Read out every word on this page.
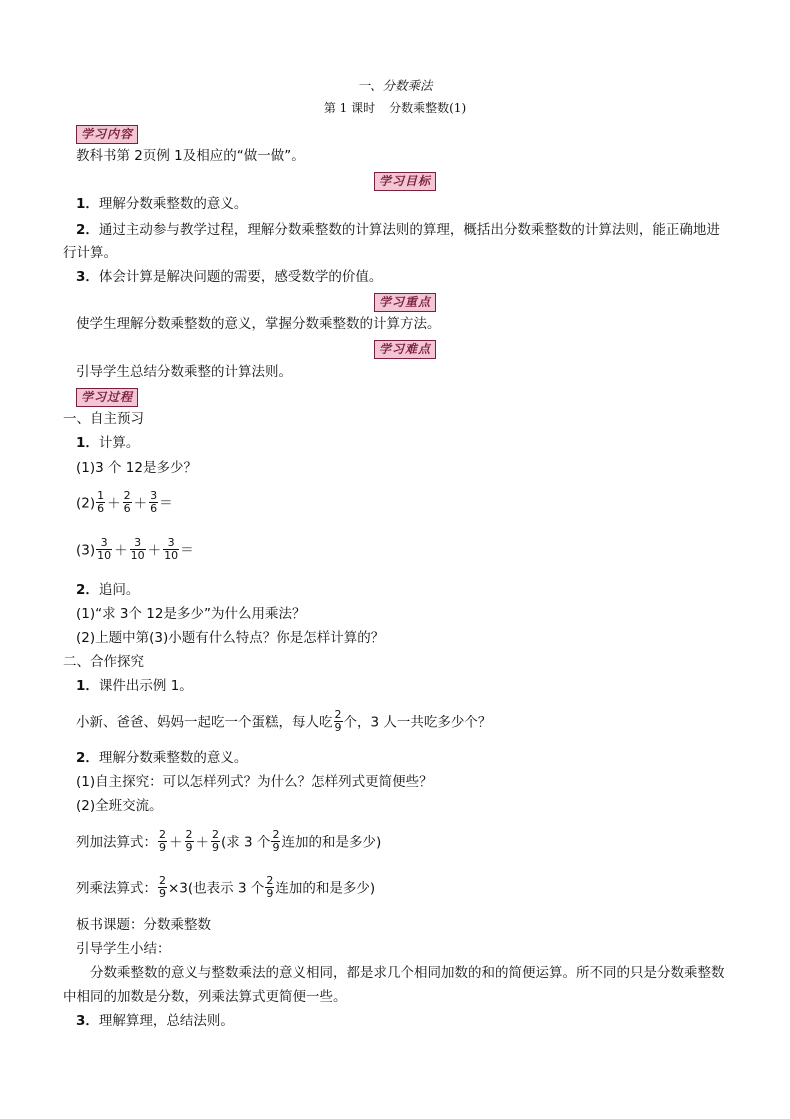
一、分数乘法
第 1 课时 分数乘整数(1)
学习内容
教科书第 2页例 1及相应的“做一做”。
学习目标
1．理解分数乘整数的意义。
2．通过主动参与教学过程，理解分数乘整数的计算法则的算理，概括出分数乘整数的计算法则，能正确地进
行计算。
3．体会计算是解决问题的需要，感受数学的价值。
学习重点
使学生理解分数乘整数的意义，掌握分数乘整数的计算方法。
学习难点
引导学生总结分数乘整的计算法则。
学习过程
一、自主预习
1．计算。
(1)3 个 12是多少？
$(2) \frac{1}{6} + \frac{2}{6} + \frac{3}{6}$ ＝
$(3) \frac{3}{10} + \frac{3}{10} + \frac{3}{10}$ ＝
2．追问。
(1)“求 3个 12是多少”为什么用乘法？
(2)上题中第(3)小题有什么特点？你是怎样计算的？
二、合作探究
1．课件出示例 1。
小新、爸爸、妈妈一起吃一个蛋糕，每人吃 $\frac{2}{9}$ 个，3 人一共吃多少个？
2．理解分数乘整数的意义。
(1)自主探究：可以怎样列式？为什么？怎样列式更简便些？
(2)全班交流。
列加法算式： $\frac{2}{9} + \frac{2}{9} + \frac{2}{9}$ (求 3 个 $\frac{2}{9}$ 连加的和是多少)
列乘法算式： $\frac{2}{9} \times 3$(也表示 3 个 $\frac{2}{9}$ 连加的和是多少)
板书课题：分数乘整数
引导学生小结：
分数乘整数的意义与整数乘法的意义相同，都是求几个相同加数的和的简便运算。所不同的只是分数乘整数
中相同的加数是分数，列乘法算式更简便一些。
3．理解算理，总结法则。
